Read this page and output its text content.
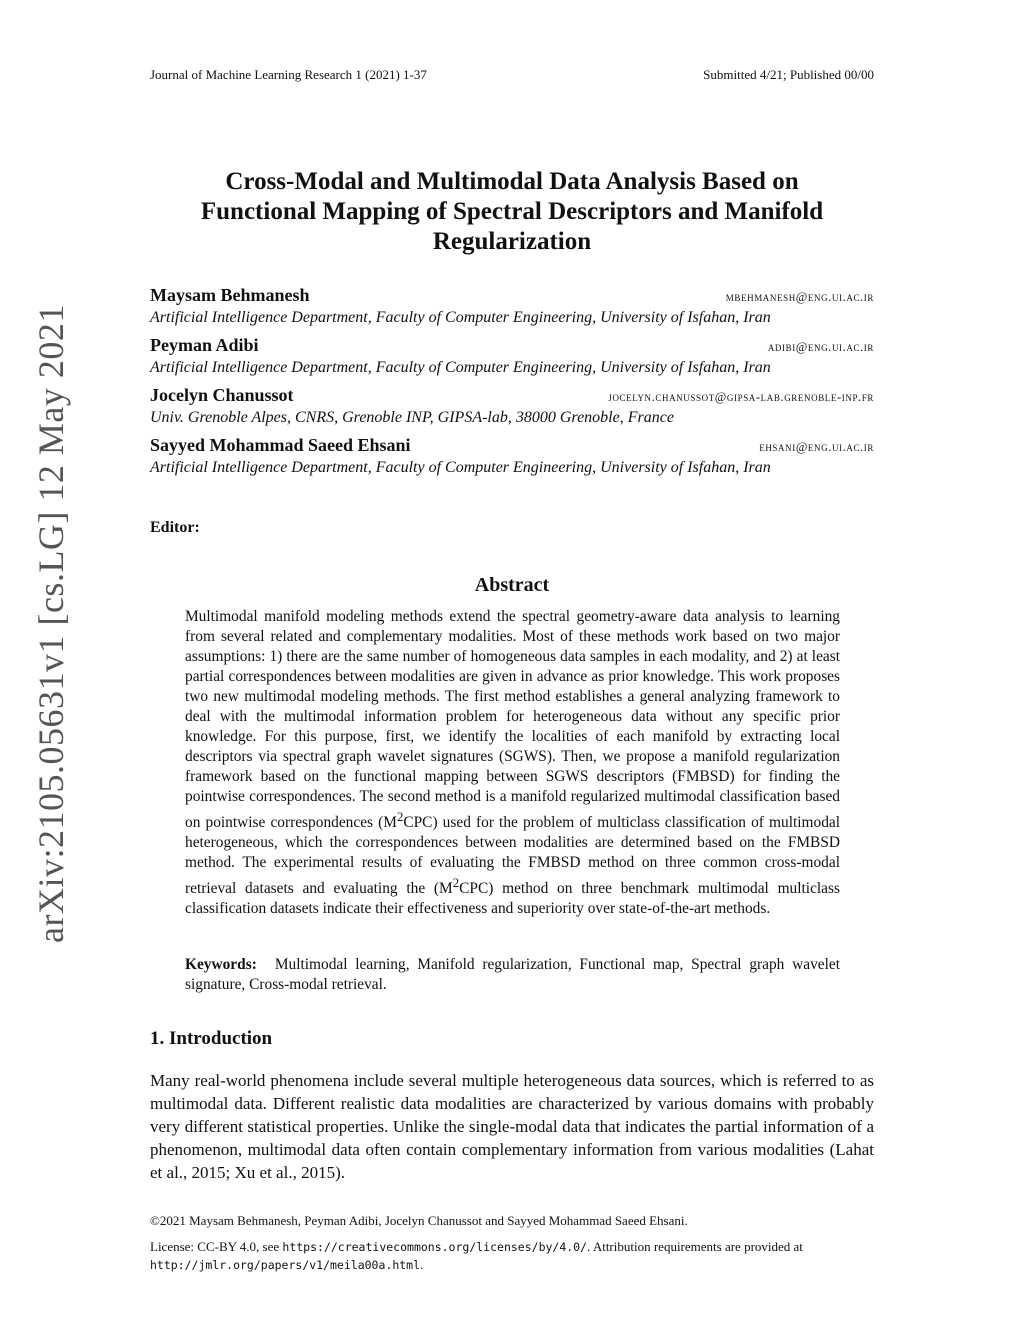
Journal of Machine Learning Research 1 (2021) 1-37	Submitted 4/21; Published 00/00
arXiv:2105.05631v1 [cs.LG] 12 May 2021
Cross-Modal and Multimodal Data Analysis Based on
Functional Mapping of Spectral Descriptors and Manifold
Regularization
Maysam Behmanesh	mbehmanesh@eng.ui.ac.ir
Artificial Intelligence Department, Faculty of Computer Engineering, University of Isfahan, Iran
Peyman Adibi	adibi@eng.ui.ac.ir
Artificial Intelligence Department, Faculty of Computer Engineering, University of Isfahan, Iran
Jocelyn Chanussot	jocelyn.chanussot@gipsa-lab.grenoble-inp.fr
Univ. Grenoble Alpes, CNRS, Grenoble INP, GIPSA-lab, 38000 Grenoble, France
Sayyed Mohammad Saeed Ehsani	ehsani@eng.ui.ac.ir
Artificial Intelligence Department, Faculty of Computer Engineering, University of Isfahan, Iran
Editor:
Abstract
Multimodal manifold modeling methods extend the spectral geometry-aware data analysis to learning from several related and complementary modalities. Most of these methods work based on two major assumptions: 1) there are the same number of homogeneous data samples in each modality, and 2) at least partial correspondences between modalities are given in advance as prior knowledge. This work proposes two new multimodal modeling methods. The first method establishes a general analyzing framework to deal with the multimodal information problem for heterogeneous data without any specific prior knowledge. For this purpose, first, we identify the localities of each manifold by extracting local descriptors via spectral graph wavelet signatures (SGWS). Then, we propose a manifold regularization framework based on the functional mapping between SGWS descriptors (FMBSD) for finding the pointwise correspondences. The second method is a manifold regularized multimodal classification based on pointwise correspondences $(M^2CPC)$ used for the problem of multiclass classification of multimodal heterogeneous, which the correspondences between modalities are determined based on the FMBSD method. The experimental results of evaluating the FMBSD method on three common cross-modal retrieval datasets and evaluating the $(M^2CPC)$ method on three benchmark multimodal multiclass classification datasets indicate their effectiveness and superiority over state-of-the-art methods.
Keywords: Multimodal learning, Manifold regularization, Functional map, Spectral graph wavelet signature, Cross-modal retrieval.
1. Introduction
Many real-world phenomena include several multiple heterogeneous data sources, which is referred to as multimodal data. Different realistic data modalities are characterized by various domains with probably very different statistical properties. Unlike the single-modal data that indicates the partial information of a phenomenon, multimodal data often contain complementary information from various modalities (Lahat et al., 2015; Xu et al., 2015).
©2021 Maysam Behmanesh, Peyman Adibi, Jocelyn Chanussot and Sayyed Mohammad Saeed Ehsani.
License: CC-BY 4.0, see https://creativecommons.org/licenses/by/4.0/. Attribution requirements are provided at http://jmlr.org/papers/v1/meila00a.html.
